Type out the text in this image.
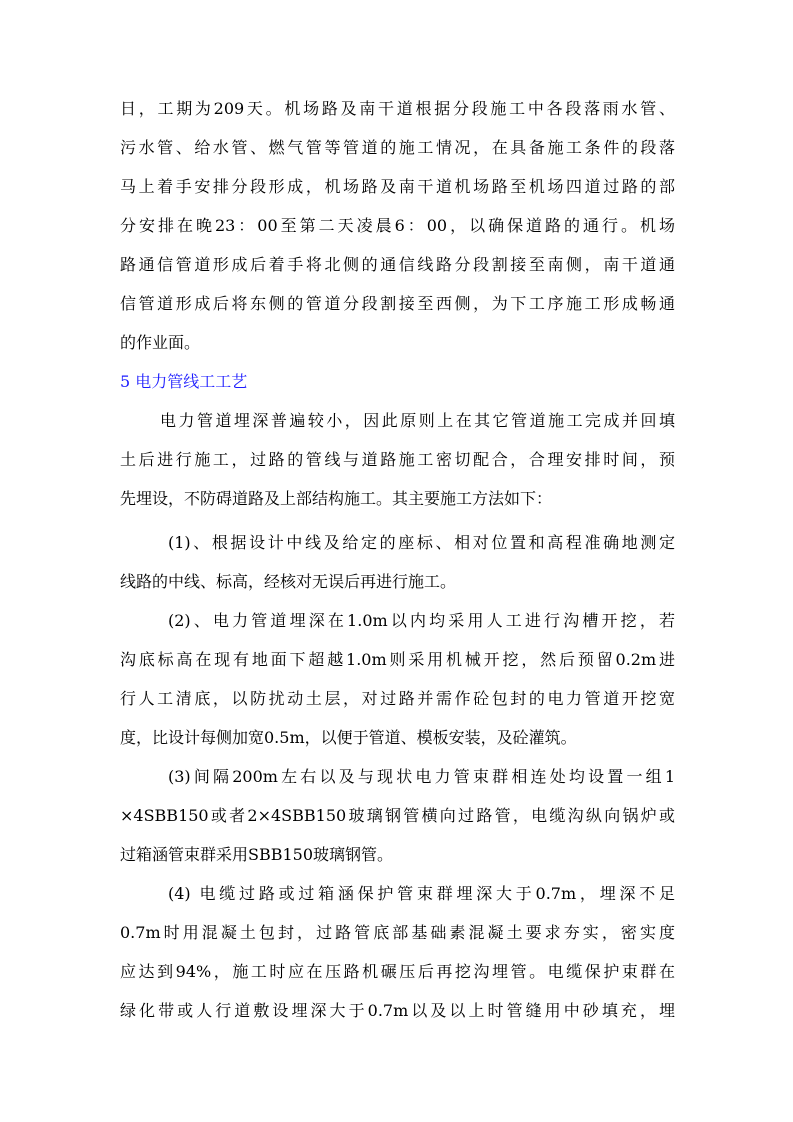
日，工期为209天。机场路及南干道根据分段施工中各段落雨水管、
污水管、给水管、燃气管等管道的施工情况，在具备施工条件的段落
马上着手安排分段形成，机场路及南干道机场路至机场四道过路的部
分安排在晚23：00至第二天凌晨6：00，以确保道路的通行。机场
路通信管道形成后着手将北侧的通信线路分段割接至南侧，南干道通
信管道形成后将东侧的管道分段割接至西侧，为下工序施工形成畅通
的作业面。
5 电力管线工工艺
电力管道埋深普遍较小，因此原则上在其它管道施工完成并回填
土后进行施工，过路的管线与道路施工密切配合，合理安排时间，预
先埋设，不防碍道路及上部结构施工。其主要施工方法如下：
(1)、根据设计中线及给定的座标、相对位置和高程准确地测定
线路的中线、标高，经核对无误后再进行施工。
(2)、电力管道埋深在1.0m以内均采用人工进行沟槽开挖，若
沟底标高在现有地面下超越1.0m则采用机械开挖，然后预留0.2m进
行人工清底，以防扰动土层，对过路并需作砼包封的电力管道开挖宽
度，比设计每侧加宽0.5m，以便于管道、模板安装，及砼灌筑。
(3)间隔200m左右以及与现状电力管束群相连处均设置一组1
×4SBB150或者2×4SBB150玻璃钢管横向过路管，电缆沟纵向锅炉或
过箱涵管束群采用SBB150玻璃钢管。
(4) 电缆过路或过箱涵保护管束群埋深大于0.7m，埋深不足
0.7m时用混凝土包封，过路管底部基础素混凝土要求夯实，密实度
应达到94%，施工时应在压路机碾压后再挖沟埋管。电缆保护束群在
绿化带或人行道敷设埋深大于0.7m以及以上时管缝用中砂填充，埋
